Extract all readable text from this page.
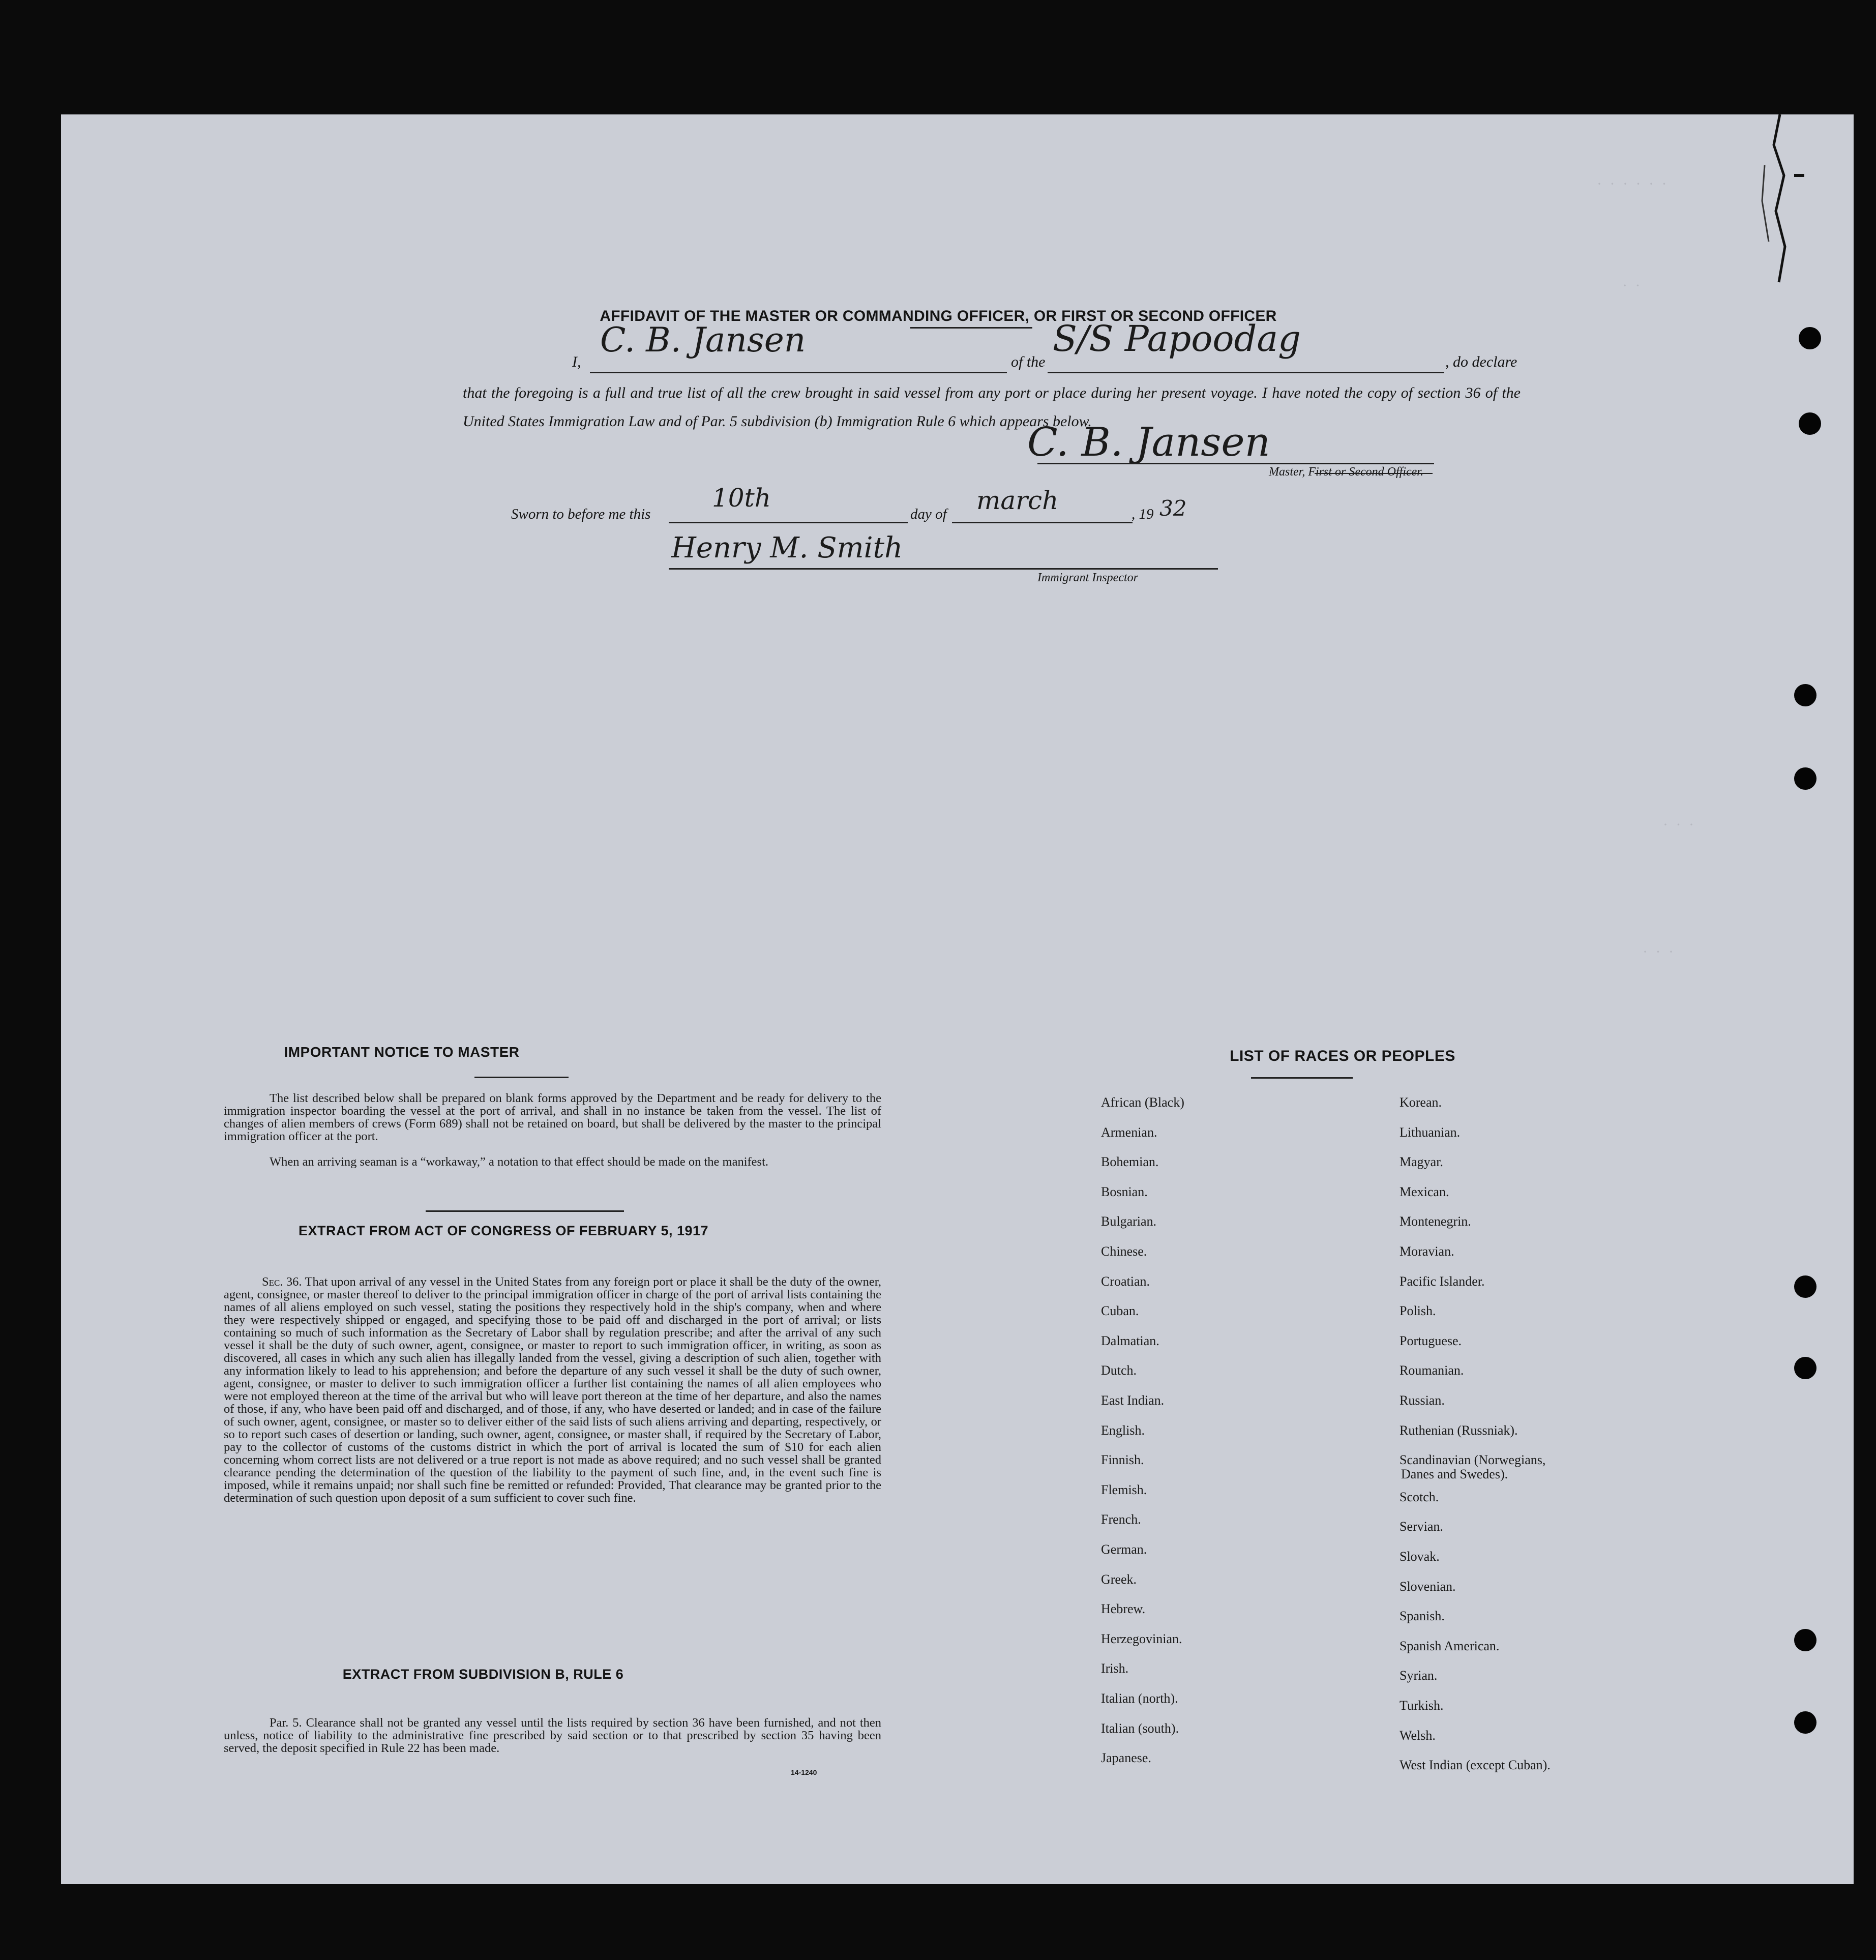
· · · · · ·
· ·
· · ·
· · ·
AFFIDAVIT OF THE MASTER OR COMMANDING OFFICER, OR FIRST OR SECOND OFFICER
I,
C. B. Jansen
of the
S/S Papoodag
, do declare
that the foregoing is a full and true list of all the crew brought in said vessel from any port or place during her present voyage. I have noted the copy of section 36 of the United States Immigration Law and of Par. 5 subdivision (b) Immigration Rule 6 which appears below.
C. B. Jansen
Master, First or Second Officer.
Sworn to before me this
10th
day of march	, 19 32
Henry M. Smith
Immigrant Inspector
IMPORTANT NOTICE TO MASTER
The list described below shall be prepared on blank forms approved by the Department and be ready for delivery to the immigration inspector boarding the vessel at the port of arrival, and shall in no instance be taken from the vessel. The list of changes of alien members of crews (Form 689) shall not be retained on board, but shall be delivered by the master to the principal immigration officer at the port.
When an arriving seaman is a “workaway,” a notation to that effect should be made on the manifest.
EXTRACT FROM ACT OF CONGRESS OF FEBRUARY 5, 1917
Sec. 36. That upon arrival of any vessel in the United States from any foreign port or place it shall be the duty of the owner, agent, consignee, or master thereof to deliver to the principal immigration officer in charge of the port of arrival lists containing the names of all aliens employed on such vessel, stating the positions they respectively hold in the ship's company, when and where they were respectively shipped or engaged, and specifying those to be paid off and discharged in the port of arrival; or lists containing so much of such information as the Secretary of Labor shall by regulation prescribe; and after the arrival of any such vessel it shall be the duty of such owner, agent, consignee, or master to report to such immigration officer, in writing, as soon as discovered, all cases in which any such alien has illegally landed from the vessel, giving a description of such alien, together with any information likely to lead to his apprehension; and before the departure of any such vessel it shall be the duty of such owner, agent, consignee, or master to deliver to such immigration officer a further list containing the names of all alien employees who were not employed thereon at the time of the arrival but who will leave port thereon at the time of her departure, and also the names of those, if any, who have been paid off and discharged, and of those, if any, who have deserted or landed; and in case of the failure of such owner, agent, consignee, or master so to deliver either of the said lists of such aliens arriving and departing, respectively, or so to report such cases of desertion or landing, such owner, agent, consignee, or master shall, if required by the Secretary of Labor, pay to the collector of customs of the customs district in which the port of arrival is located the sum of $10 for each alien concerning whom correct lists are not delivered or a true report is not made as above required; and no such vessel shall be granted clearance pending the determination of the question of the liability to the payment of such fine, and, in the event such fine is imposed, while it remains unpaid; nor shall such fine be remitted or refunded: Provided, That clearance may be granted prior to the determination of such question upon deposit of a sum sufficient to cover such fine.
EXTRACT FROM SUBDIVISION B, RULE 6
Par. 5. Clearance shall not be granted any vessel until the lists required by section 36 have been furnished, and not then unless, notice of liability to the administrative fine prescribed by said section or to that prescribed by section 35 having been served, the deposit specified in Rule 22 has been made.
14-1240
LIST OF RACES OR PEOPLES
African (Black)
Armenian.
Bohemian.
Bosnian.
Bulgarian.
Chinese.
Croatian.
Cuban.
Dalmatian.
Dutch.
East Indian.
English.
Finnish.
Flemish.
French.
German.
Greek.
Hebrew.
Herzegovinian.
Irish.
Italian (north).
Italian (south).
Japanese.
Korean.
Lithuanian.
Magyar.
Mexican.
Montenegrin.
Moravian.
Pacific Islander.
Polish.
Portuguese.
Roumanian.
Russian.
Ruthenian (Russniak).
Scandinavian (Norwegians,
Danes and Swedes).
Scotch.
Servian.
Slovak.
Slovenian.
Spanish.
Spanish American.
Syrian.
Turkish.
Welsh.
West Indian (except Cuban).
